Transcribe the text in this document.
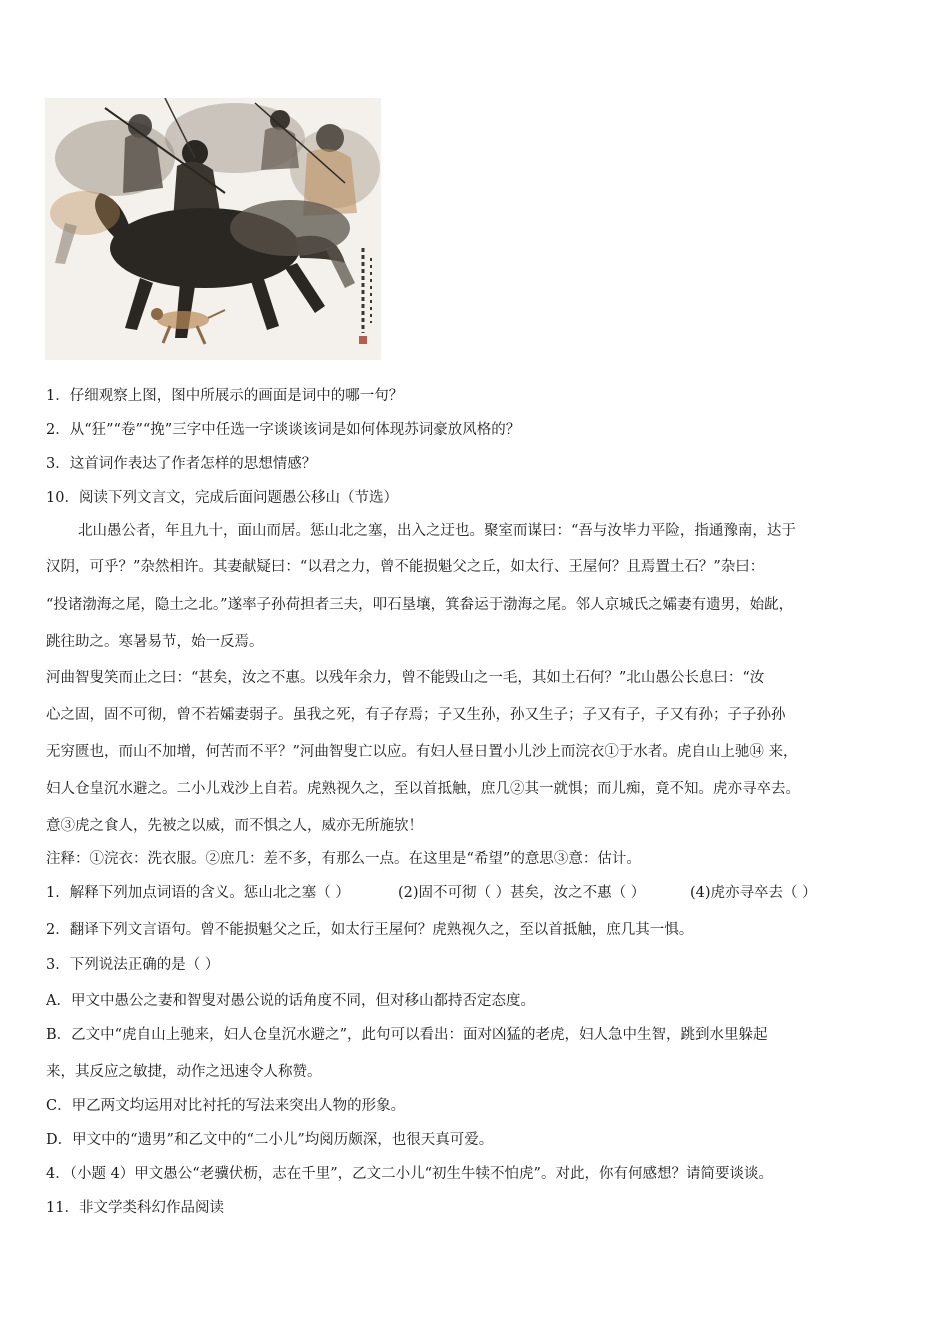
1．仔细观察上图，图中所展示的画面是词中的哪一句？
2．从“狂”“卷”“挽”三字中任选一字谈谈该词是如何体现苏词豪放风格的？
3．这首词作表达了作者怎样的思想情感？
10．阅读下列文言文，完成后面问题愚公移山（节选）
北山愚公者，年且九十，面山而居。惩山北之塞，出入之迂也。聚室而谋曰：“吾与汝毕力平险，指通豫南，达于
汉阴，可乎？”杂然相许。其妻献疑曰：“以君之力，曾不能损魁父之丘，如太行、王屋何？且焉置土石？”杂曰：
“投诸渤海之尾，隐土之北。”遂率子孙荷担者三夫，叩石垦壤，箕畚运于渤海之尾。邻人京城氏之孀妻有遗男，始龀，
跳往助之。寒暑易节，始一反焉。
河曲智叟笑而止之曰：“甚矣，汝之不惠。以残年余力，曾不能毁山之一毛，其如土石何？”北山愚公长息曰：“汝
心之固，固不可彻，曾不若孀妻弱子。虽我之死，有子存焉；子又生孙，孙又生子；子又有子，子又有孙；子子孙孙
无穷匮也，而山不加增，何苦而不平？”河曲智叟亡以应。有妇人昼日置小儿沙上而浣衣①于水者。虎自山上驰⑭ 来，
妇人仓皇沉水避之。二小儿戏沙上自若。虎熟视久之，至以首抵触，庶几②其一就惧；而儿痴，竟不知。虎亦寻卒去。
意③虎之食人，先被之以威，而不惧之人，威亦无所施欤！
注释：①浣衣：洗衣服。②庶几：差不多，有那么一点。在这里是“希望”的意思③意：估计。
1．解释下列加点词语的含义。惩山北之塞（ ）	(2)固不可彻（ ）甚矣，汝之不惠（ ）	(4)虎亦寻卒去（ ）
2．翻译下列文言语句。曾不能损魁父之丘，如太行王屋何？虎熟视久之，至以首抵触，庶几其一惧。
3．下列说法正确的是（ ）
A．甲文中愚公之妻和智叟对愚公说的话角度不同，但对移山都持否定态度。
B．乙文中“虎自山上驰来，妇人仓皇沉水避之”，此句可以看出：面对凶猛的老虎，妇人急中生智，跳到水里躲起
来，其反应之敏捷，动作之迅速令人称赞。
C．甲乙两文均运用对比衬托的写法来突出人物的形象。
D．甲文中的“遗男”和乙文中的“二小儿”均阅历颇深，也很天真可爱。
4．（小题 4）甲文愚公“老骥伏枥，志在千里”，乙文二小儿“初生牛犊不怕虎”。对此，你有何感想？请简要谈谈。
11．非文学类科幻作品阅读
